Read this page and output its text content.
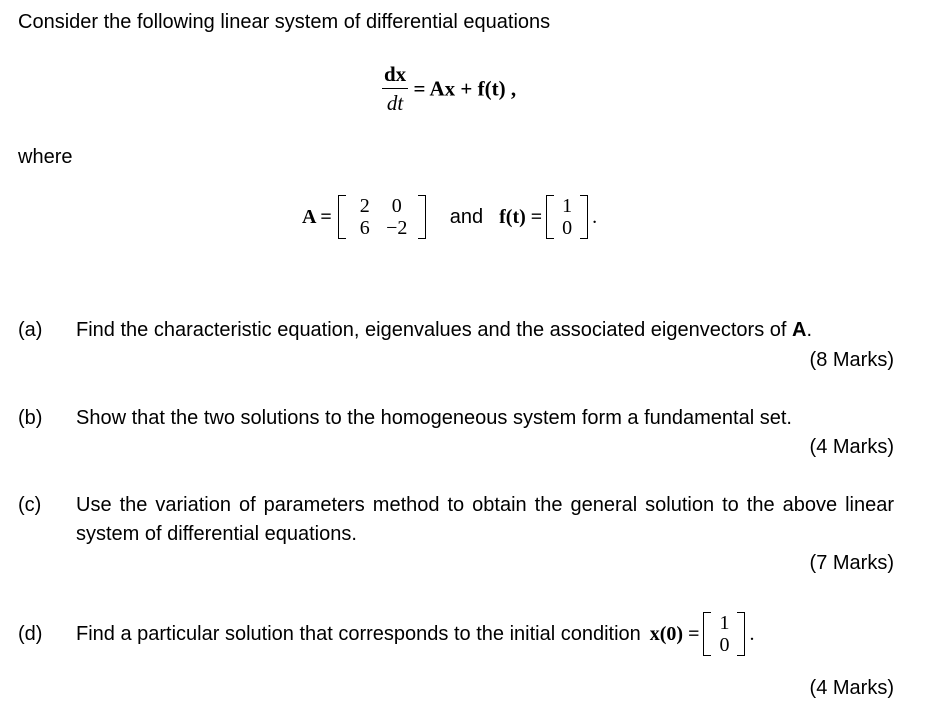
Consider the following linear system of differential equations
$\frac{dx}{dt} = Ax + f(t)$ ,
where
A =	2	0
6 −2
and f(t) = 1
0
.
(a) Find the characteristic equation, eigenvalues and the associated eigenvectors of A.
(8 Marks)
(b) Show that the two solutions to the homogeneous system form a fundamental set.
(4 Marks)
(c) Use the variation of parameters method to obtain the general solution to the above linear system of differential equations.
(7 Marks)
(d) Find a particular solution that corresponds to the initial condition x(0) = 1
0
.
(4 Marks)
